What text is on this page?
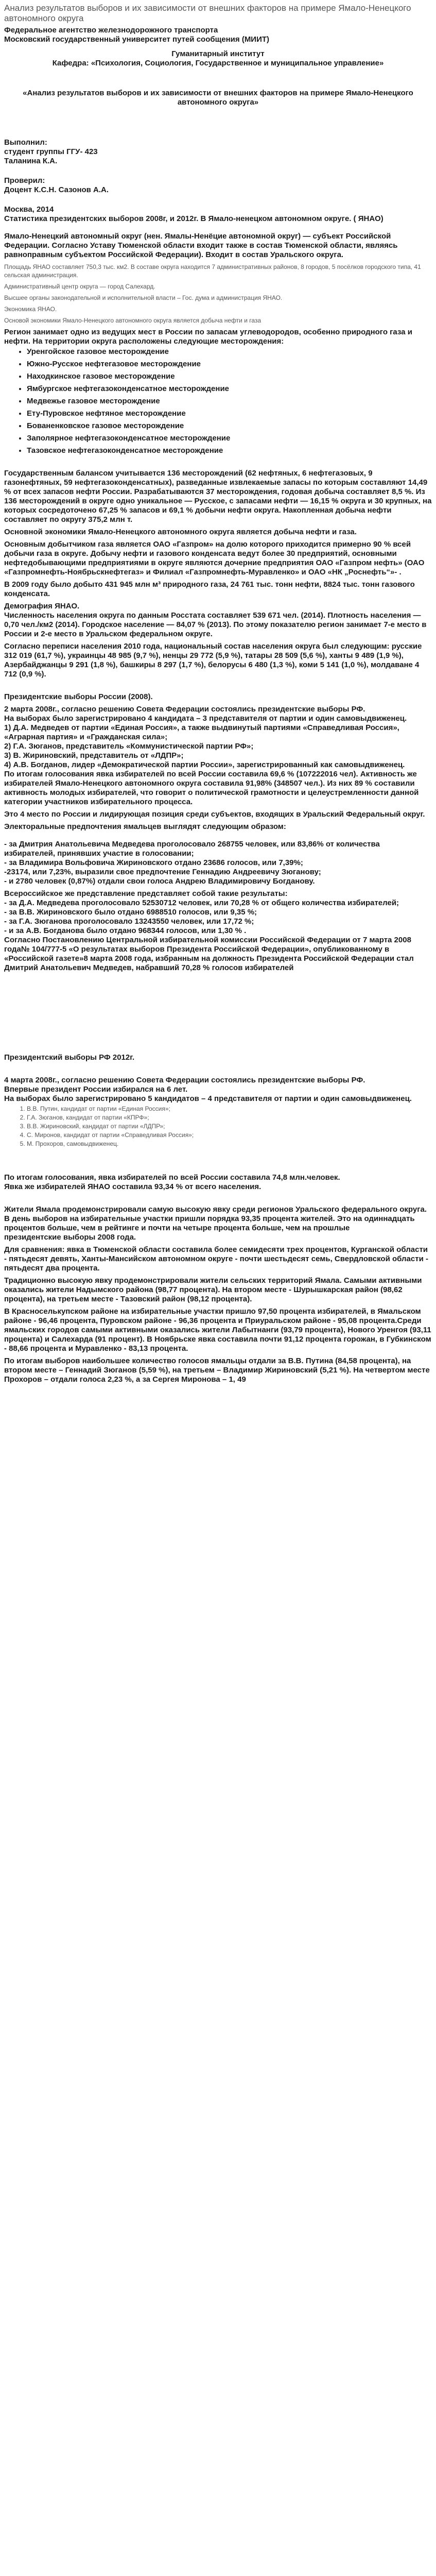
Анализ результатов выборов и их зависимости от внешних факторов на примере Ямало-Ненецкого автономного округа
Федеральное агентство железнодорожного транспорта
Московский государственный университет путей сообщения (МИИТ)
Гуманитарный институт
Кафедра: «Психология, Социология, Государственное и муниципальное управление»
«Анализ результатов выборов и их зависимости от внешних факторов на примере Ямало-Ненецкого автономного округа»
Выполнил:
студент группы ГГУ- 423
Таланина К.А.
Проверил:
Доцент К.С.Н. Сазонов А.А.
Москва, 2014
Статистика президентских выборов 2008г, и 2012г. В Ямало-ненецком автономном округе. ( ЯНАО)
Ямало-Ненецкий автономный округ (нен. Ямалы-Ненёцие автономной округ) — субъект Российской Федерации. Согласно Уставу Тюменской области входит также в состав Тюменской области, являясь равноправным субъектом Российской Федерации). Входит в состав Уральского округа.
Площадь ЯНАО составляет 750,3 тыс. км2. В составе округа находится 7 административных районов, 8 городов, 5 посёлков городского типа, 41 сельская администрация.
Административный центр округа — город Салехард.
Высшее органы законодательной и исполнительной власти – Гос. дума и администрация ЯНАО.
Экономика ЯНАО.
Основой экономики Ямало-Ненецкого автономного округа является добыча нефти и газа
Регион занимает одно из ведущих мест в России по запасам углеводородов, особенно природного газа и нефти. На территории округа расположены следующие месторождения:
• Уренгойское газовое месторождение
• Южно-Русское нефтегазовое месторождение
• Находкинское газовое месторождение
• Ямбургское нефтегазоконденсатное месторождение
• Медвежье газовое месторождение
• Ету-Пуровское нефтяное месторождение
• Бованенковское газовое месторождение
• Заполярное нефтегазоконденсатное месторождение
• Тазовское нефтегазоконденсатное месторождение
Государственным балансом учитывается 136 месторождений (62 нефтяных, 6 нефтегазовых, 9 газонефтяных, 59 нефтегазоконденсатных), разведанные извлекаемые запасы по которым составляют 14,49 % от всех запасов нефти России. Разрабатываются 37 месторождения, годовая добыча составляет 8,5 %. Из 136 месторождений в округе одно уникальное — Русское, с запасами нефти — 16,15 % округа и 30 крупных, на которых сосредоточено 67,25 % запасов и 69,1 % добычи нефти округа. Накопленная добыча нефти составляет по округу 375,2 млн т.
Основной экономики Ямало-Ненецкого автономного округа является добыча нефти и газа.
Основным добытчиком газа является ОАО «Газпром» на долю которого приходится примерно 90 % всей добычи газа в округе. Добычу нефти и газового конденсата ведут более 30 предприятий, основными нефтедобывающими предприятиями в округе являются дочерние предприятия ОАО «Газпром нефть» (ОАО «Газпромнефть-Ноябрьскнефтегаз» и Филиал «Газпромнефть-Муравленко» и ОАО «НК „Роснефть“»- .
В 2009 году было добыто 431 945 млн м³ природного газа, 24 761 тыс. тонн нефти, 8824 тыс. тонн газового конденсата.
Демография ЯНАО.
Численность населения округа по данным Росстата составляет 539 671 чел. (2014). Плотность населения — 0,70 чел./км2 (2014). Городское население — 84,07 % (2013). По этому показателю регион занимает 7-е место в России и 2-е место в Уральском федеральном округе.
Согласно переписи населения 2010 года, национальный состав населения округа был следующим: русские 312 019 (61,7 %), украинцы 48 985 (9,7 %), ненцы 29 772 (5,9 %), татары 28 509 (5,6 %), ханты 9 489 (1,9 %), Азербайджанцы 9 291 (1,8 %), башкиры 8 297 (1,7 %), белорусы 6 480 (1,3 %), коми 5 141 (1,0 %), молдаване 4 712 (0,9 %).
Президентские выборы России (2008).
2 марта 2008г., согласно решению Совета Федерации состоялись президентские выборы РФ.
На выборах было зарегистрировано 4 кандидата – 3 представителя от партии и один самовыдвиженец.
1) Д.А. Медведев от партии «Единая Россия», а также выдвинутый партиями «Справедливая Россия», «Аграрная партия» и «Гражданская сила»;
2) Г.А. Зюганов, представитель «Коммунистической партии РФ»;
3) В. Жириновский, представитель от «ЛДПР»;
4) А.В. Богданов, лидер «Демократической партии России», зарегистрированный как самовыдвиженец.
По итогам голосования явка избирателей по всей России составила 69,6 % (107222016 чел). Активность же избирателей Ямало-Ненецкого автономного округа составила 91,98% (348507 чел.). Из них 89 % составили активность молодых избирателей, что говорит о политической грамотности и целеустремленности данной категории участников избирательного процесса.
Это 4 место по России и лидирующая позиция среди субъектов, входящих в Уральский Федеральный округ.
Электоральные предпочтения ямальцев выглядят следующим образом:
- за Дмитрия Анатольевича Медведева проголосовало 268755 человек, или 83,86% от количества избирателей, принявших участие в голосовании;
- за Владимира Вольфовича Жириновского отдано 23686 голосов, или 7,39%;
-23174, или 7,23%, выразили свое предпочтение Геннадию Андреевичу Зюганову;
- и 2780 человек (0,87%) отдали свои голоса Андрею Владимировичу Богданову.
Всероссийское же представление представляет собой такие результаты:
- за Д.А. Медведева проголосовало 52530712 человек, или 70,28 % от общего количества избирателей;
- за В.В. Жириновского было отдано 6988510 голосов, или 9,35 %;
- за Г.А. Зюганова проголосовало 13243550 человек, или 17,72 %;
- и за А.В. Богданова было отдано 968344 голосов, или 1,30 % .
Согласно Постановлению Центральной избирательной комиссии Российской Федерации от 7 марта 2008 года№ 104/777-5 «О результатах выборов Президента Российской Федерации», опубликованному в «Российской газете»8 марта 2008 года, избранным на должность Президента Российской Федерации стал Дмитрий Анатольевич Медведев, набравший 70,28 % голосов избирателей
Президентский выборы РФ 2012г.
4 марта 2008г., согласно решению Совета Федерации состоялись президентские выборы РФ.
Впервые президент России избирался на 6 лет.
На выборах было зарегистрировано 5 кандидатов – 4 представителя от партии и один самовыдвиженец.
1. В.В. Путин, кандидат от партии «Единая Россия»;
2. Г.А. Зюганов, кандидат от партии «КПРФ»;
3. В.В. Жириновский, кандидат от партии «ЛДПР»;
4. С. Миронов, кандидат от партии «Справедливая Россия»;
5. М. Прохоров, самовыдвиженец.
По итогам голосования, явка избирателей по всей России составила 74,8 млн.человек.
Явка же избирателей ЯНАО составила 93,34 % от всего населения.
Жители Ямала продемонстрировали самую высокую явку среди регионов Уральского федерального округа. В день выборов на избирательные участки пришли порядка 93,35 процента жителей. Это на одиннадцать процентов больше, чем в рейтинге и почти на четыре процента больше, чем на прошлые
президентские выборы 2008 года.
Для сравнения: явка в Тюменской области составила более семидесяти трех процентов, Курганской области - пятьдесят девять, Ханты-Мансийском автономном округе - почти шестьдесят семь, Свердловской области - пятьдесят два процента.
Традиционно высокую явку продемонстрировали жители сельских территорий Ямала. Самыми активными оказались жители Надымского района (98,77 процента). На втором месте - Шурышкарская район (98,62 процента), на третьем месте - Тазовский район (98,12 процента).
В Красноселькупском районе на избирательные участки пришло 97,50 процента избирателей, в Ямальском районе - 96,46 процента, Пуровском районе - 96,36 процента и Приуральском районе - 95,08 процента.Среди ямальских городов самыми активными оказались жители Лабытнанги (93,79 процента), Нового Уренгоя (93,11 процента) и Салехарда (91 процент). В Ноябрьске явка составила почти 91,12 процента горожан, в Губкинском - 88,66 процента и Муравленко - 83,13 процента.
По итогам выборов наибольшее количество голосов ямальцы отдали за В.В. Путина (84,58 процента), на втором месте – Геннадий Зюганов (5,59 %), на третьем – Владимир Жириновский (5,21 %). На четвертом месте Прохоров – отдали голоса 2,23 %, а за Сергея Миронова – 1, 49
